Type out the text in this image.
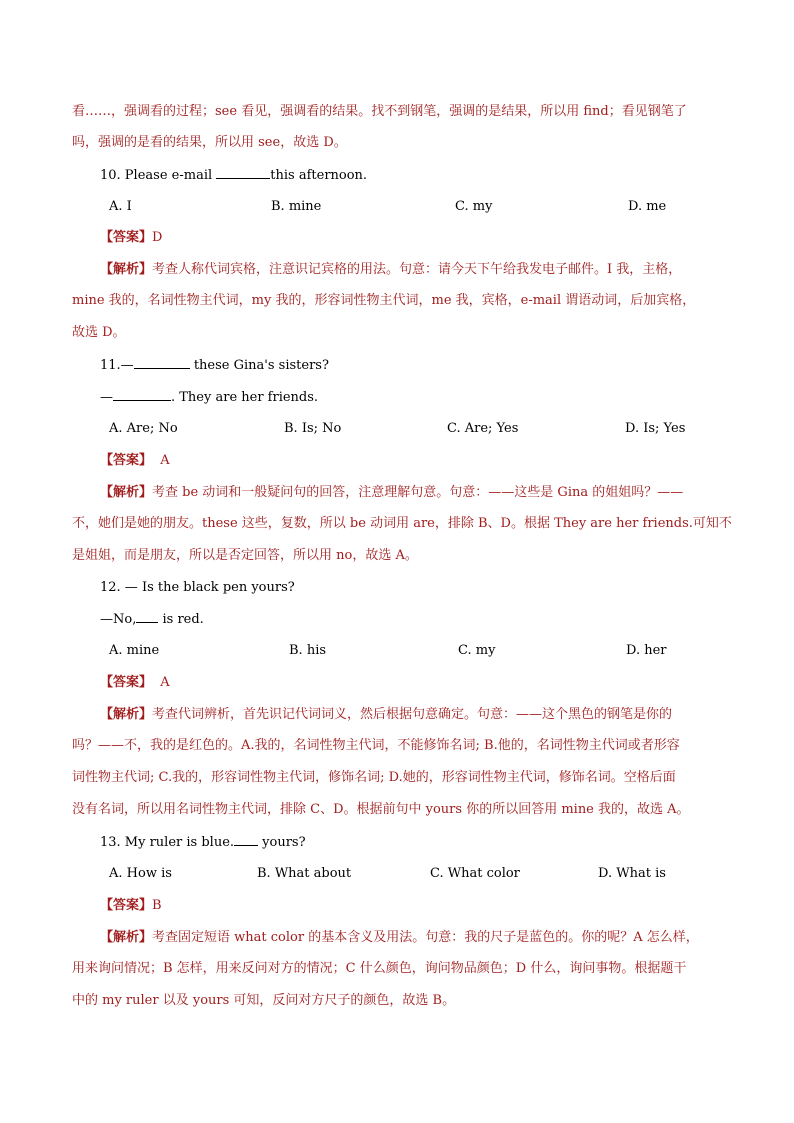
看……，强调看的过程；see 看见，强调看的结果。找不到钢笔，强调的是结果，所以用 find；看见钢笔了
吗，强调的是看的结果，所以用 see，故选 D。
10. Please e-mail	this afternoon.
A. I	B. mine	C. my	D. me
【答案】D
【解析】考查人称代词宾格，注意识记宾格的用法。句意：请今天下午给我发电子邮件。I 我，主格，
mine 我的，名词性物主代词，my 我的，形容词性物主代词，me 我，宾格，e-mail 谓语动词，后加宾格，
故选 D。
11.—	these Gina's sisters?
—	. They are her friends.
A. Are; No	B. Is; No	C. Are; Yes	D. Is; Yes
【答案】 A
【解析】考查 be 动词和一般疑问句的回答，注意理解句意。句意：——这些是 Gina 的姐姐吗？——
不，她们是她的朋友。these 这些，复数，所以 be 动词用 are，排除 B、D。根据 They are her friends.可知不
是姐姐，而是朋友，所以是否定回答，所以用 no，故选 A。
12. — Is the black pen yours?
—No, is red.
A. mine	B. his	C. my	D. her
【答案】 A
【解析】考查代词辨析，首先识记代词词义，然后根据句意确定。句意：——这个黑色的钢笔是你的
吗？——不，我的是红色的。A.我的，名词性物主代词，不能修饰名词; B.他的，名词性物主代词或者形容
词性物主代词; C.我的，形容词性物主代词，修饰名词; D.她的，形容词性物主代词，修饰名词。空格后面
没有名词，所以用名词性物主代词，排除 C、D。根据前句中 yours 你的所以回答用 mine 我的，故选 A。
13. My ruler is blue. yours?
A. How is	B. What about	C. What color	D. What is
【答案】B
【解析】考查固定短语 what color 的基本含义及用法。句意：我的尺子是蓝色的。你的呢？A 怎么样，
用来询问情况；B 怎样，用来反问对方的情况；C 什么颜色，询问物品颜色；D 什么，询问事物。根据题干
中的 my ruler 以及 yours 可知，反问对方尺子的颜色，故选 B。
